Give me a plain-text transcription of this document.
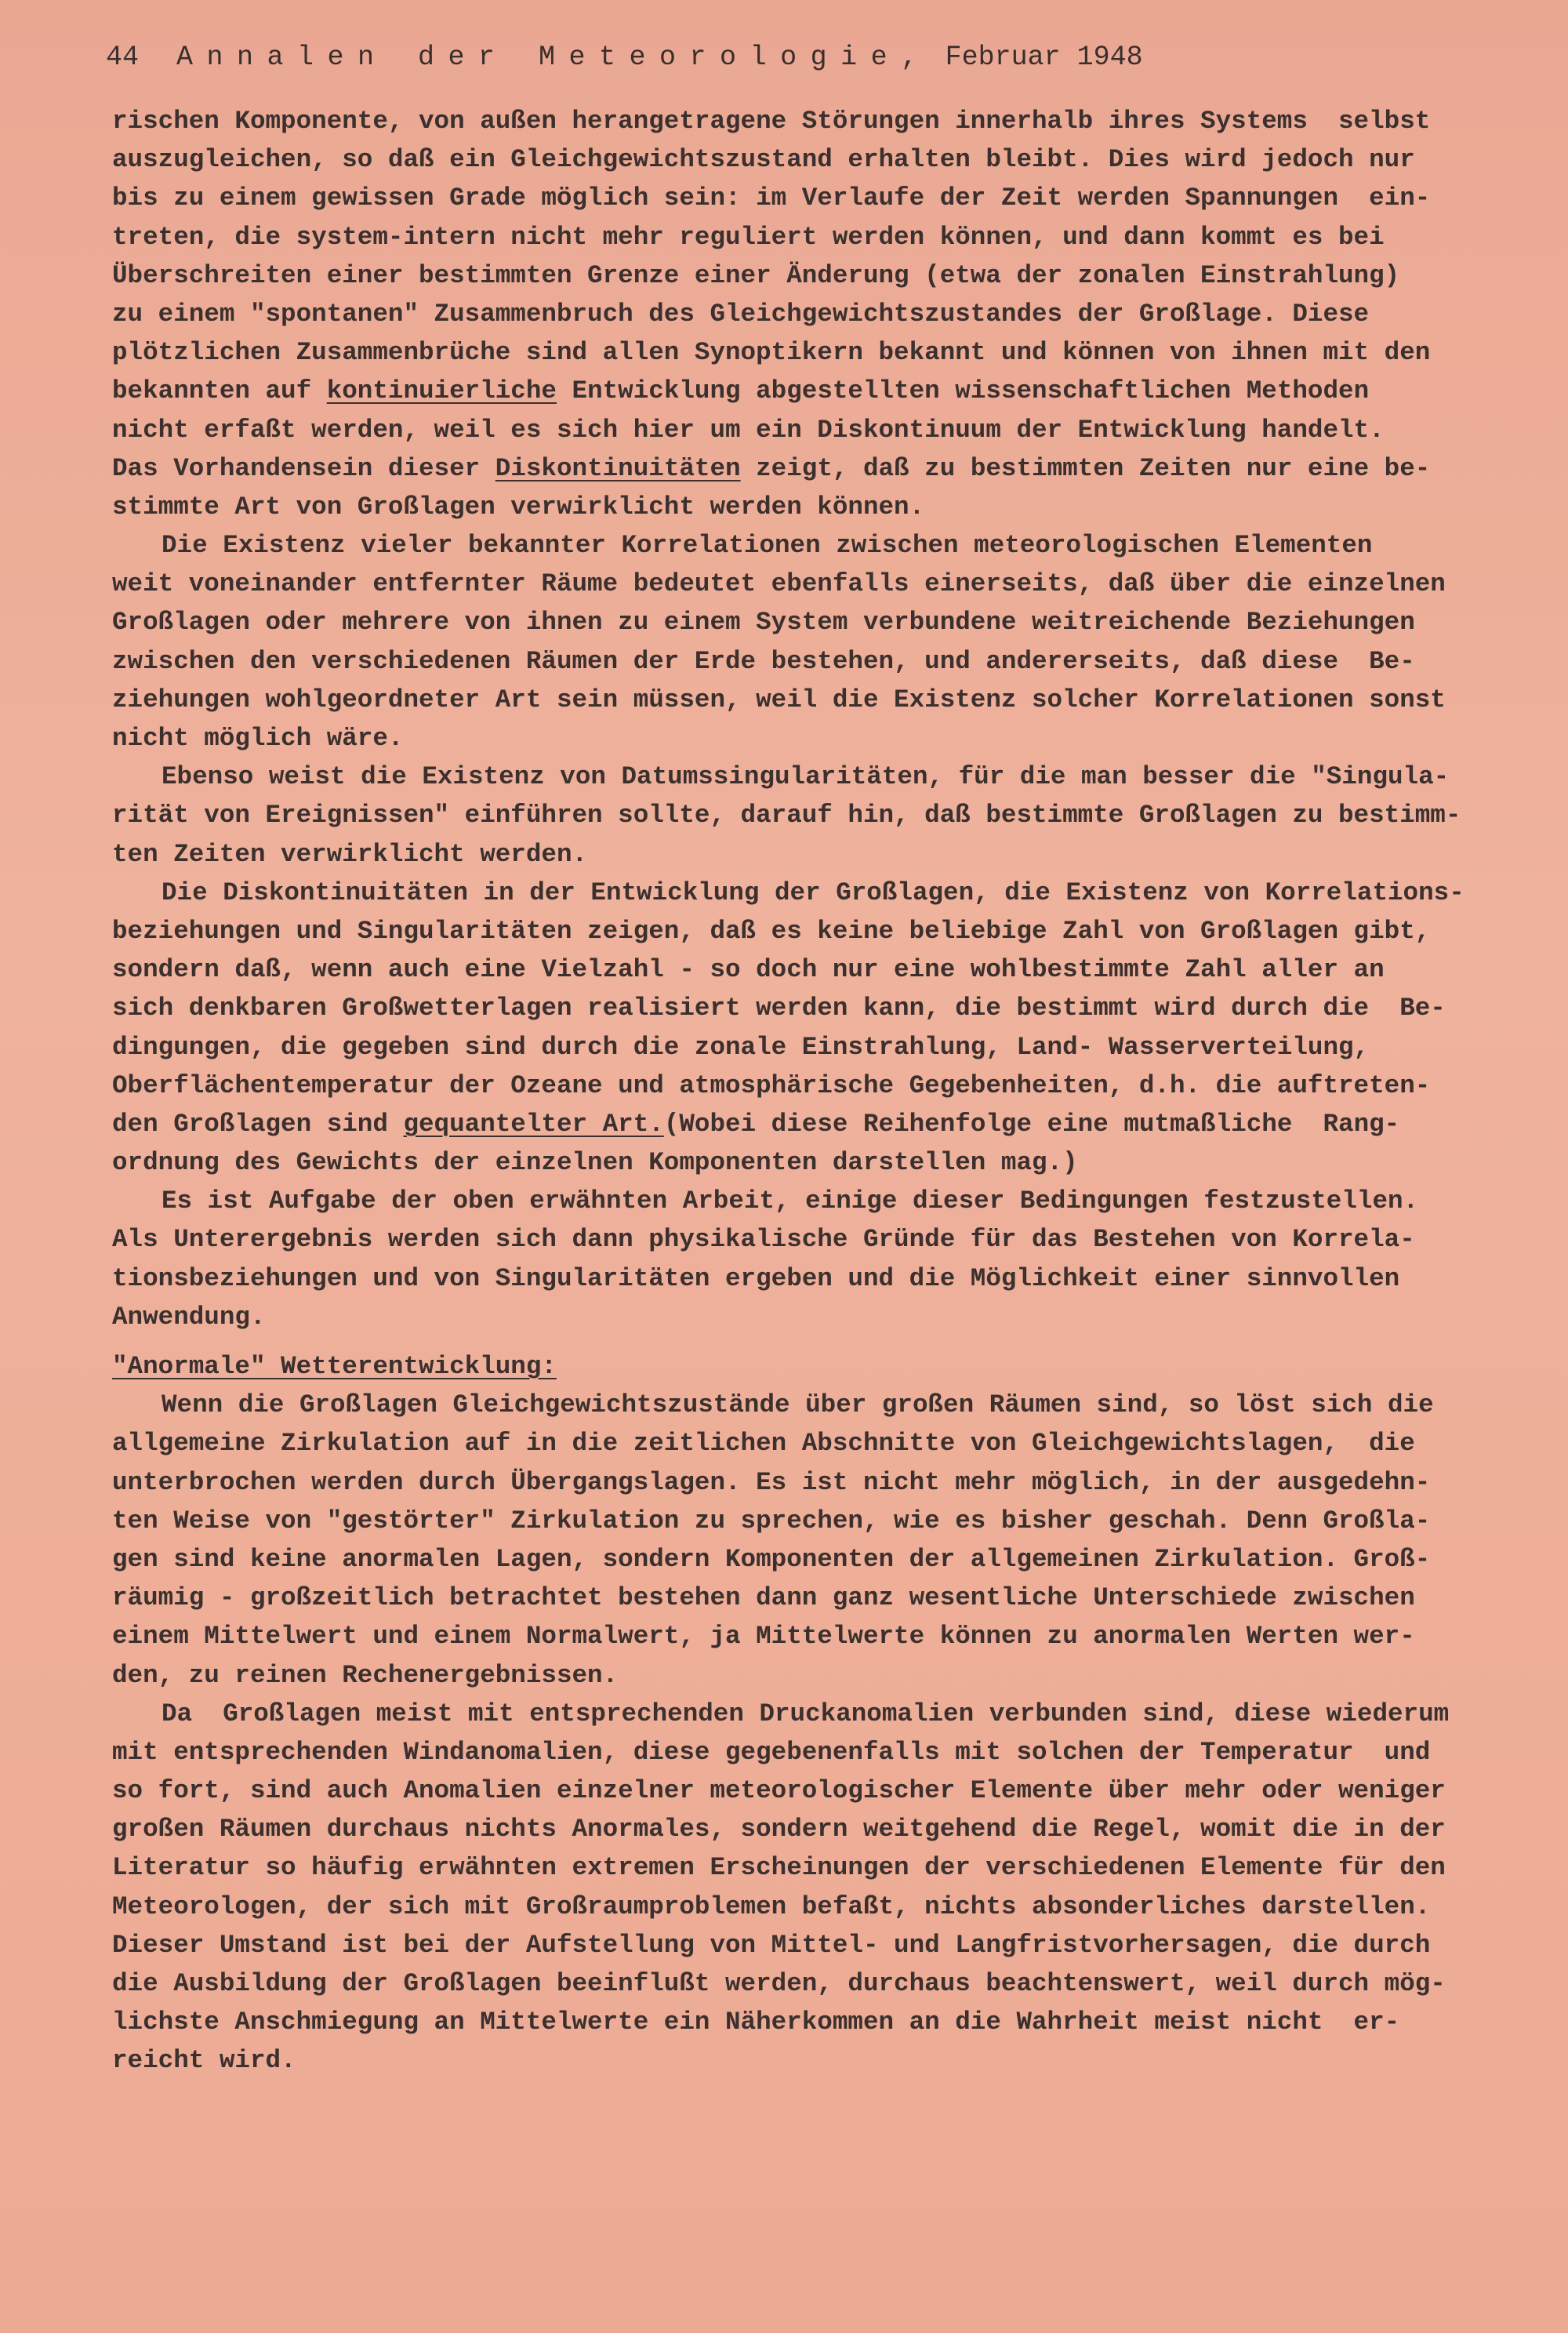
44	Annalen der Meteorologie, Februar 1948
rischen Komponente, von außen herangetragene Störungen innerhalb ihres Systems  selbst
auszugleichen, so daß ein Gleichgewichtszustand erhalten bleibt. Dies wird jedoch nur
bis zu einem gewissen Grade möglich sein: im Verlaufe der Zeit werden Spannungen  ein-
treten, die system-intern nicht mehr reguliert werden können, und dann kommt es bei
Überschreiten einer bestimmten Grenze einer Änderung (etwa der zonalen Einstrahlung)
zu einem "spontanen" Zusammenbruch des Gleichgewichtszustandes der Großlage. Diese
plötzlichen Zusammenbrüche sind allen Synoptikern bekannt und können von ihnen mit den
bekannten auf kontinuierliche Entwicklung abgestellten wissenschaftlichen Methoden
nicht erfaßt werden, weil es sich hier um ein Diskontinuum der Entwicklung handelt.
Das Vorhandensein dieser Diskontinuitäten zeigt, daß zu bestimmten Zeiten nur eine be-
stimmte Art von Großlagen verwirklicht werden können.
Die Existenz vieler bekannter Korrelationen zwischen meteorologischen Elementen
weit voneinander entfernter Räume bedeutet ebenfalls einerseits, daß über die einzelnen
Großlagen oder mehrere von ihnen zu einem System verbundene weitreichende Beziehungen
zwischen den verschiedenen Räumen der Erde bestehen, und andererseits, daß diese  Be-
ziehungen wohlgeordneter Art sein müssen, weil die Existenz solcher Korrelationen sonst
nicht möglich wäre.
Ebenso weist die Existenz von Datumssingularitäten, für die man besser die "Singula-
rität von Ereignissen" einführen sollte, darauf hin, daß bestimmte Großlagen zu bestimm-
ten Zeiten verwirklicht werden.
Die Diskontinuitäten in der Entwicklung der Großlagen, die Existenz von Korrelations-
beziehungen und Singularitäten zeigen, daß es keine beliebige Zahl von Großlagen gibt,
sondern daß, wenn auch eine Vielzahl - so doch nur eine wohlbestimmte Zahl aller an
sich denkbaren Großwetterlagen realisiert werden kann, die bestimmt wird durch die  Be-
dingungen, die gegeben sind durch die zonale Einstrahlung, Land- Wasserverteilung,
Oberflächentemperatur der Ozeane und atmosphärische Gegebenheiten, d.h. die auftreten-
den Großlagen sind gequantelter Art.(Wobei diese Reihenfolge eine mutmaßliche  Rang-
ordnung des Gewichts der einzelnen Komponenten darstellen mag.)
Es ist Aufgabe der oben erwähnten Arbeit, einige dieser Bedingungen festzustellen.
Als Unterergebnis werden sich dann physikalische Gründe für das Bestehen von Korrela-
tionsbeziehungen und von Singularitäten ergeben und die Möglichkeit einer sinnvollen
Anwendung.
"Anormale" Wetterentwicklung:
Wenn die Großlagen Gleichgewichtszustände über großen Räumen sind, so löst sich die
allgemeine Zirkulation auf in die zeitlichen Abschnitte von Gleichgewichtslagen,  die
unterbrochen werden durch Übergangslagen. Es ist nicht mehr möglich, in der ausgedehn-
ten Weise von "gestörter" Zirkulation zu sprechen, wie es bisher geschah. Denn Großla-
gen sind keine anormalen Lagen, sondern Komponenten der allgemeinen Zirkulation. Groß-
räumig - großzeitlich betrachtet bestehen dann ganz wesentliche Unterschiede zwischen
einem Mittelwert und einem Normalwert, ja Mittelwerte können zu anormalen Werten wer-
den, zu reinen Rechenergebnissen.
Da  Großlagen meist mit entsprechenden Druckanomalien verbunden sind, diese wiederum
mit entsprechenden Windanomalien, diese gegebenenfalls mit solchen der Temperatur  und
so fort, sind auch Anomalien einzelner meteorologischer Elemente über mehr oder weniger
großen Räumen durchaus nichts Anormales, sondern weitgehend die Regel, womit die in der
Literatur so häufig erwähnten extremen Erscheinungen der verschiedenen Elemente für den
Meteorologen, der sich mit Großraumproblemen befaßt, nichts absonderliches darstellen.
Dieser Umstand ist bei der Aufstellung von Mittel- und Langfristvorhersagen, die durch
die Ausbildung der Großlagen beeinflußt werden, durchaus beachtenswert, weil durch mög-
lichste Anschmiegung an Mittelwerte ein Näherkommen an die Wahrheit meist nicht  er-
reicht wird.
